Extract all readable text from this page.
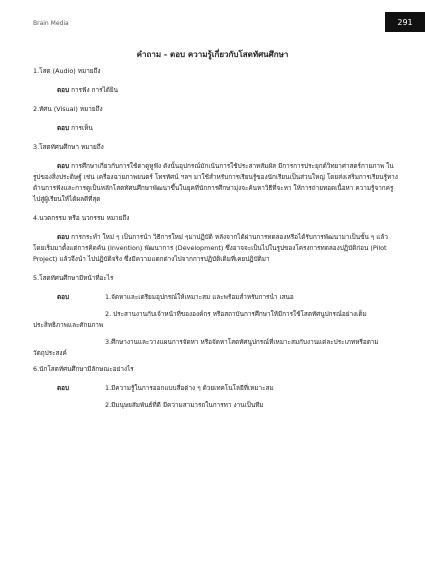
Brain Media	291
คำถาม - ตอบ ความรู้เกี่ยวกับโสตทัศนศึกษา
1.โสต (Audio) หมายถึง
ตอบ การฟัง การได้ยิน
2.ทัศน (Visual) หมายถึง
ตอบ การเห็น
3.โสตทัศนศึกษา หมายถึง
ตอบ การศึกษาเกี่ยวกับการใช้ตาดูหูฟัง ดังนั้นอุปกรณ์มักเน้นการใช้ประสาทสัมผัส มีการการประยุกต์วิทยาศาสตร์กายภาพ ในรูปของสิ่งประดิษฐ์ เช่น เครื่องฉายภาพยนตร์ โทรทัศน์ ฯลฯ มาใช้สำหรับการเรียนรู้ของนักเรียนเป็นส่วนใหญ่ โดยส่งเสริมการเรียนรู้ทาง ด้านการฟังและการดูเป็นหลักโสตทัศนศึกษาพัฒนาขึ้นในยุคที่นักการศึกษามุ่งจะค้นหาวิธีที่จะหา ให้การถ่ายทอดเนื้อหา ความรู้จากครูไปสู่ผู้เรียนให้ได้ผลดีที่สุด
4.นวตกรรม หรือ นวกรรม หมายถึง
ตอบ การกระทำ ใหม่ ๆ เป็นการนำ วิธีการใหม่ ๆมาปฏิบัติ หลังจากได้ผ่านการทดลองหรือได้รับการพัฒนามาเป็นขั้น ๆ แล้ว โดยเริ่มมาตั้งแต่การคิดค้น (Invention) พัฒนาการ (Development) ซึ่งอาจจะเป็นไปในรูปของโครงการทดลองปฏิบัติก่อน (Pilot Project) แล้วจึงนำ ไปปฏิบัติจริง ซึ่งมีความแตกต่างไปจากการปฏิบัติเดิมที่เคยปฏิบัติมา
5.โสตทัศนศึกษามีหน้าที่อะไร
ตอบ	1.จัดหาและเตรียมอุปกรณ์ให้เหมาะสม และพร้อมสำหรับการนำ เสนอ
2. ประสานงานกับเจ้าหน้าที่ขององค์กร หรือสถาบันการศึกษาให้มีการใช้โสตทัศนูปกรณ์อย่างเต็มประสิทธิภาพและศักยภาพ
3.ศึกษางานและวางแผนการจัดหา หรือจัดหาโสตทัศนูปกรณ์ที่เหมาะสมกับงานแต่ละประเภทหรือตามวัตถุประสงค์
6.นักโสตทัศนศึกษามีลักษณะอย่างไร
ตอบ	1.มีความรู้ในการออกแบบสื่อต่าง ๆ ด้วยเทคโนโลยีที่เหมาะสม
2.มีมนุษยสัมพันธ์ที่ดี มีความสามารถในการทา งานเป็นทีม
